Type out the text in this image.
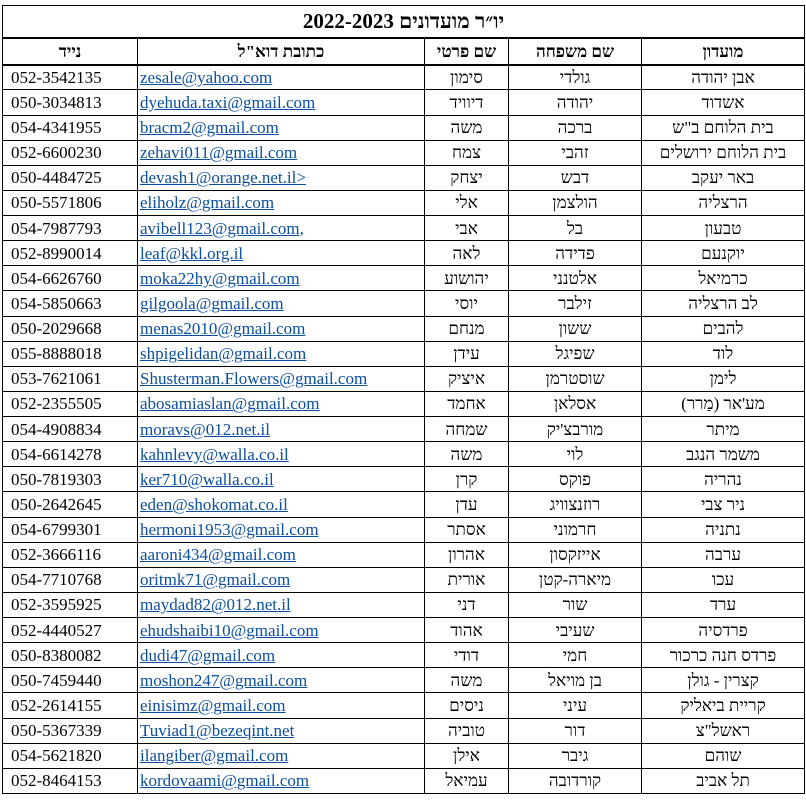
יו״ר מועדונים 2022-2023				
נייד	כתובת דוא"ל	שם פרטי	שם משפחה	מועדון
052-3542135	zesale@yahoo.com	סימון	גולדי	אבן יהודה
050-3034813	dyehuda.taxi@gmail.com	דיוויד	יהודה	אשדוד
054-4341955	bracm2@gmail.com	משה	ברכה	בית הלוחם ב"ש
052-6600230	zehavi011@gmail.com	צמח	זהבי	בית הלוחם ירושלים
050-4484725	devash1@orange.net.il>	יצחק	דבש	באר יעקב
050-5571806	eliholz@gmail.com	אלי	הולצמן	הרצליה
054-7987793	avibell123@gmail.com,	אבי	בל	טבעון
052-8990014	leaf@kkl.org.il	לאה	פדידה	יוקנעם
054-6626760	moka22hy@gmail.com	יהושוע	אלטנני	כרמיאל
054-5850663	gilgoola@gmail.com	יוסי	זילבר	לב הרצליה
050-2029668	menas2010@gmail.com	מנחם	ששון	להבים
055-8888018	shpigelidan@gmail.com	עידן	שפיגל	לוד
053-7621061	Shusterman.Flowers@gmail.com	איציק	שוסטרמן	לימן
052-2355505	abosamiaslan@gmail.com	אחמד	אסלאן	מע'אר (מַרר)
054-4908834	moravs@012.net.il	שמחה	מורבצ'יק	מיתר
054-6614278	kahnlevy@walla.co.il	משה	לוי	משמר הנגב
050-7819303	ker710@walla.co.il	קרן	פוקס	נהריה
050-2642645	eden@shokomat.co.il	עדן	רוזנצוויג	ניר צבי
054-6799301	hermoni1953@gmail.com	אסתר	חרמוני	נתניה
052-3666116	aaroni434@gmail.com	אהרון	אייזקסון	ערבה
054-7710768	oritmk71@gmail.com	אורית	מיארה-קטן	עכו
052-3595925	maydad82@012.net.il	דני	שור	ערד
052-4440527	ehudshaibi10@gmail.com	אהוד	שעיבי	פרדסיה
050-8380082	dudi47@gmail.com	דודי	חמי	פרדס חנה כרכור
050-7459440	moshon247@gmail.com	משה	בן מויאל	קצרין - גולן
052-2614155	einisimz@gmail.com	ניסים	עיני	קריית ביאליק
050-5367339	Tuviad1@bezeqint.net	טוביה	דור	ראשל"צ
054-5621820	ilangiber@gmail.com	אילן	גיבר	שוהם
052-8464153	kordovaami@gmail.com	עמיאל	קורדובה	תל אביב
